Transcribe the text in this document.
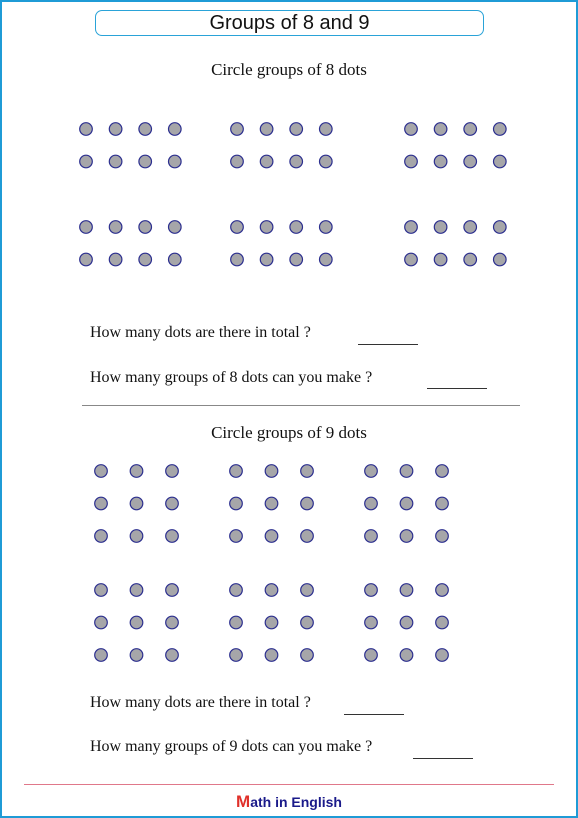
Groups of 8 and 9
Circle groups of 8 dots
How many dots are there in total ?
How many groups of 8 dots can you make ?
Circle groups of 9 dots
How many dots are there in total ?
How many groups of 9 dots can you make ?
Math in English
